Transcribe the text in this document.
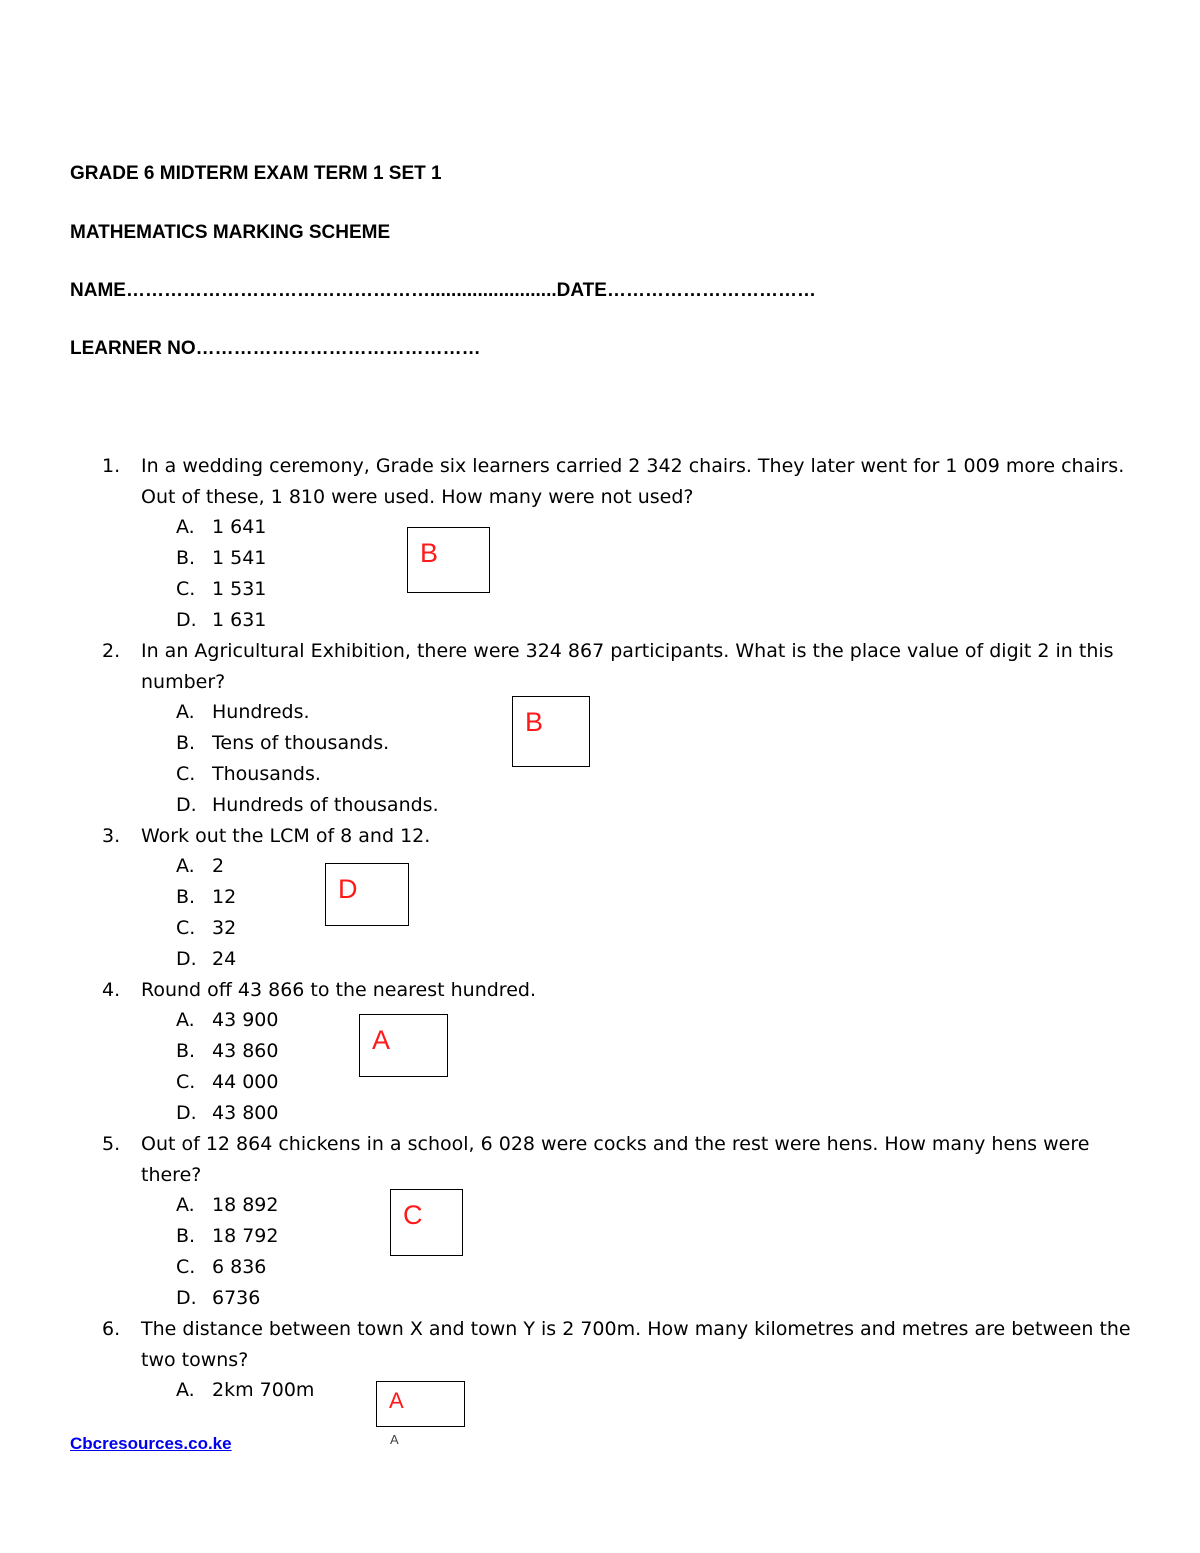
GRADE 6 MIDTERM EXAM TERM 1 SET 1

MATHEMATICS MARKING SCHEME

NAME…………………………………………........................DATE……………………………

LEARNER NO………………………………………

1. In a wedding ceremony, Grade six learners carried 2 342 chairs. They later went for 1 009 more chairs. Out of these, 1 810 were used. How many were not used?
A. 1 641
B. 1 541
C. 1 531
D. 1 631
B
2. In an Agricultural Exhibition, there were 324 867 participants. What is the place value of digit 2 in this number?
A. Hundreds.
B. Tens of thousands.
C. Thousands.
D. Hundreds of thousands.
B
3. Work out the LCM of 8 and 12.
A. 2
B. 12
C. 32
D. 24
D
4. Round off 43 866 to the nearest hundred.
A. 43 900
B. 43 860
C. 44 000
D. 43 800
A
5. Out of 12 864 chickens in a school, 6 028 were cocks and the rest were hens. How many hens were there?
A. 18 892
B. 18 792
C. 6 836
D. 6736
C
6. The distance between town X and town Y is 2 700m. How many kilometres and metres are between the two towns?
A. 2km 700m	A
A
Cbcresources.co.ke
